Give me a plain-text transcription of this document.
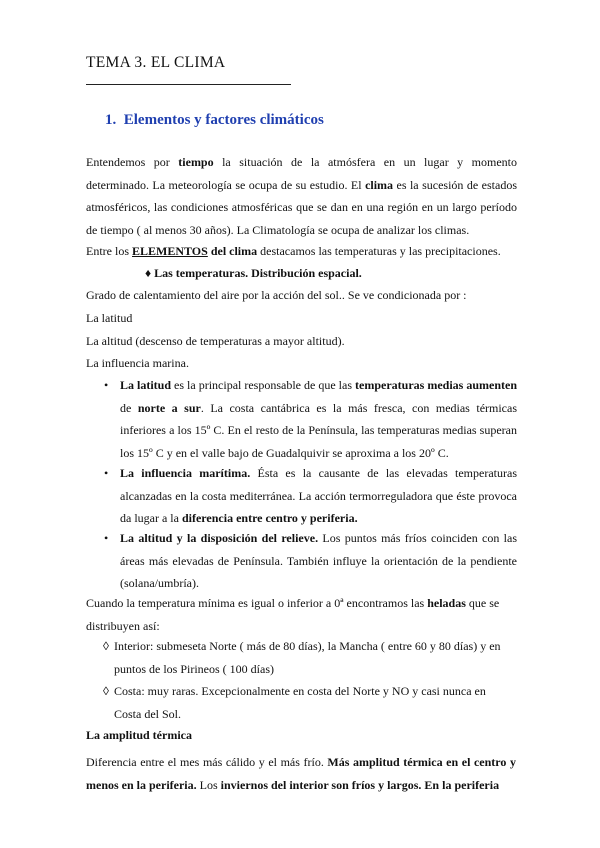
TEMA 3. EL CLIMA
1. Elementos y factores climáticos
Entendemos por tiempo la situación de la atmósfera en un lugar y momento determinado. La meteorología se ocupa de su estudio. El clima es la sucesión de estados atmosféricos, las condiciones atmosféricas que se dan en una región en un largo período de tiempo ( al menos 30 años). La Climatología se ocupa de analizar los climas.
Entre los ELEMENTOS del clima destacamos las temperaturas y las precipitaciones.
♦ Las temperaturas. Distribución espacial.
Grado de calentamiento del aire por la acción del sol.. Se ve condicionada por :
La latitud
La altitud (descenso de temperaturas a mayor altitud).
La influencia marina.
• La latitud es la principal responsable de que las temperaturas medias aumenten de norte a sur. La costa cantábrica es la más fresca, con medias térmicas inferiores a los 15º C. En el resto de la Península, las temperaturas medias superan los 15º C y en el valle bajo de Guadalquivir se aproxima a los 20º C.
• La influencia marítima. Ésta es la causante de las elevadas temperaturas alcanzadas en la costa mediterránea. La acción termorreguladora que éste provoca da lugar a la diferencia entre centro y periferia.
• La altitud y la disposición del relieve. Los puntos más fríos coinciden con las áreas más elevadas de Península. También influye la orientación de la pendiente (solana/umbría).
Cuando la temperatura mínima es igual o inferior a 0ª encontramos las heladas que se distribuyen así:
◊ Interior: submeseta Norte ( más de 80 días), la Mancha ( entre 60 y 80 días) y en puntos de los Pirineos ( 100 días)
◊ Costa: muy raras. Excepcionalmente en costa del Norte y NO y casi nunca en Costa del Sol.
La amplitud térmica
Diferencia entre el mes más cálido y el más frío. Más amplitud térmica en el centro y menos en la periferia. Los inviernos del interior son fríos y largos. En la periferia
